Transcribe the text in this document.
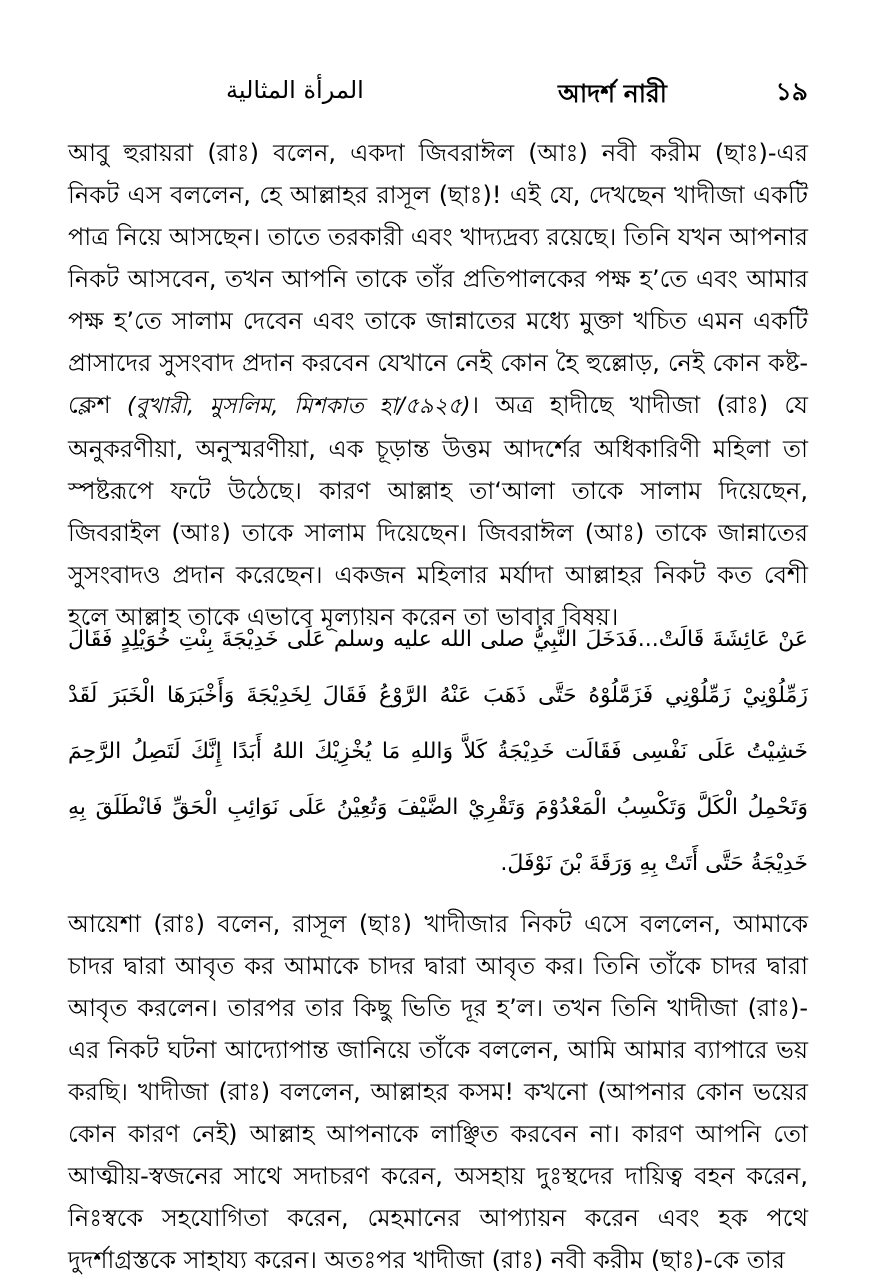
المرأة المثالية	আদর্শ নারী	১৯
আবু হুরায়রা (রাঃ) বলেন, একদা জিবরাঈল (আঃ) নবী করীম (ছাঃ)-এর নিকট এস বললেন, হে আল্লাহর রাসূল (ছাঃ)! এই যে, দেখছেন খাদীজা একটি পাত্র নিয়ে আসছেন। তাতে তরকারী এবং খাদ্যদ্রব্য রয়েছে। তিনি যখন আপনার নিকট আসবেন, তখন আপনি তাকে তাঁর প্রতিপালকের পক্ষ হ’তে এবং আমার পক্ষ হ’তে সালাম দেবেন এবং তাকে জান্নাতের মধ্যে মুক্তা খচিত এমন একটি প্রাসাদের সুসংবাদ প্রদান করবেন যেখানে নেই কোন হৈ হুল্লোড়, নেই কোন কষ্ট-ক্লেশ (বুখারী, মুসলিম, মিশকাত হা/৫৯২৫)। অত্র হাদীছে খাদীজা (রাঃ) যে অনুকরণীয়া, অনুস্মরণীয়া, এক চূড়ান্ত উত্তম আদর্শের অধিকারিণী মহিলা তা স্পষ্টরূপে ফটে উঠেছে। কারণ আল্লাহ তা‘আলা তাকে সালাম দিয়েছেন, জিবরাইল (আঃ) তাকে সালাম দিয়েছেন। জিবরাঈল (আঃ) তাকে জান্নাতের সুসংবাদও প্রদান করেছেন। একজন মহিলার মর্যাদা আল্লাহর নিকট কত বেশী হলে আল্লাহ তাকে এভাবে মূল্যায়ন করেন তা ভাবার বিষয়।
عَنْ عَائِشَةَ قَالَتْ...فَدَخَلَ النَّبِيُّ صلى الله عليه وسلم عَلَى خَدِيْجَةَ بِنْتِ خُوَيْلِدٍ فَقَالَ زَمِّلُوْنِيْ زَمِّلُوْنِي فَزَمَّلُوْهُ حَتَّى ذَهَبَ عَنْهُ الرَّوْعُ فَقَالَ لِخَدِيْجَةَ وَأَخْبَرَهَا الْخَبَرَ لَقَدْ خَشِيْتُ عَلَى نَفْسِى فَقَالَت خَدِيْجَةُ كَلاَّ وَاللهِ مَا يُخْزِيْكَ اللهُ أَبَدًا إِنَّكَ لَتَصِلُ الرَّحِمَ وَتَحْمِلُ الْكَلَّ وَتَكْسِبُ الْمَعْدُوْمَ وَتَقْرِيْ الضَّيْفَ وَتُعِيْنُ عَلَى نَوَائِبِ الْحَقِّ فَانْطَلَقَ بِهِ خَدِيْجَةُ حَتَّى أَتَتْ بِهِ وَرَقَةَ بْنَ نَوْفَلَ.
আয়েশা (রাঃ) বলেন, রাসূল (ছাঃ) খাদীজার নিকট এসে বললেন, আমাকে চাদর দ্বারা আবৃত কর আমাকে চাদর দ্বারা আবৃত কর। তিনি তাঁকে চাদর দ্বারা আবৃত করলেন। তারপর তার কিছু ভিতি দূর হ’ল। তখন তিনি খাদীজা (রাঃ)-এর নিকট ঘটনা আদ্যোপান্ত জানিয়ে তাঁকে বললেন, আমি আমার ব্যাপারে ভয় করছি। খাদীজা (রাঃ) বললেন, আল্লাহর কসম! কখনো (আপনার কোন ভয়ের কোন কারণ নেই) আল্লাহ আপনাকে লাঞ্ছিত করবেন না। কারণ আপনি তো আত্মীয়-স্বজনের সাথে সদাচরণ করেন, অসহায় দুঃস্থদের দায়িত্ব বহন করেন, নিঃস্বকে সহযোগিতা করেন, মেহমানের আপ্যায়ন করেন এবং হক পথে দুদর্শাগ্রস্তকে সাহায্য করেন। অতঃপর খাদীজা (রাঃ) নবী করীম (ছাঃ)-কে তার
